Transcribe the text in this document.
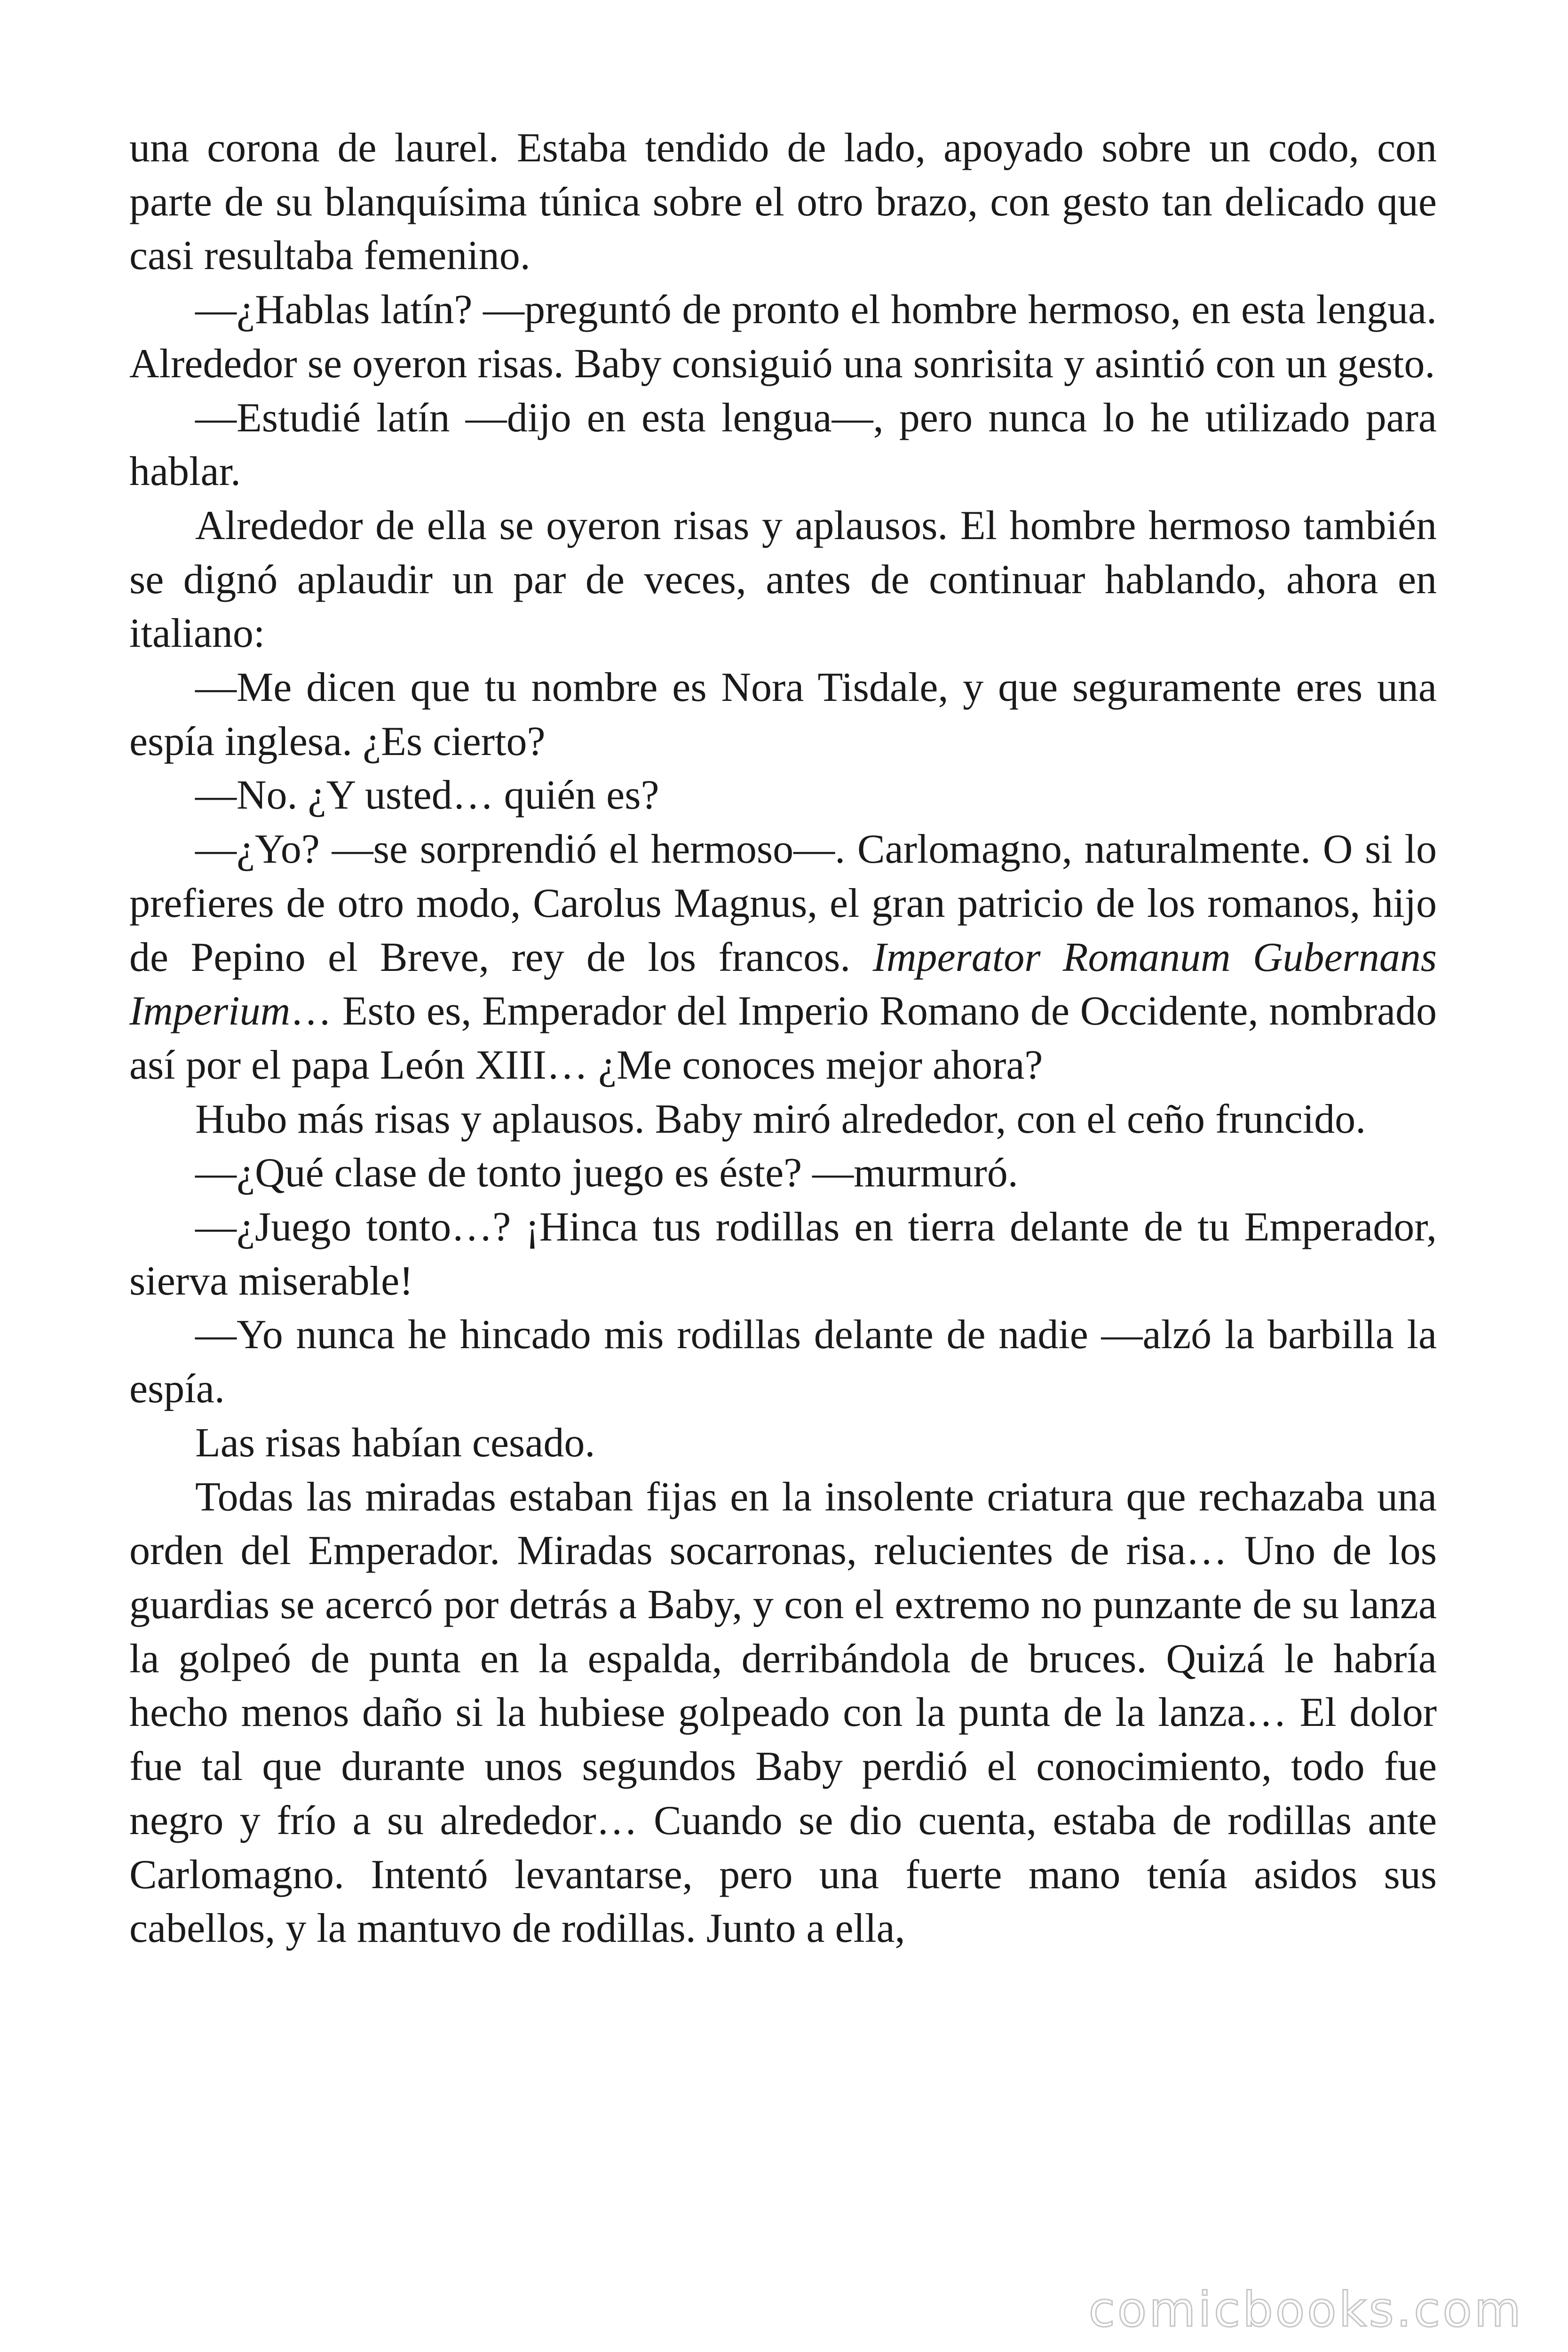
una corona de laurel. Estaba tendido de lado, apoyado sobre un codo, con parte de su blanquísima túnica sobre el otro brazo, con gesto tan delicado que casi resultaba femenino.

—¿Hablas latín? —preguntó de pronto el hombre hermoso, en esta lengua. Alrededor se oyeron risas. Baby consiguió una sonrisita y asintió con un gesto.

—Estudié latín —dijo en esta lengua—, pero nunca lo he utilizado para hablar.

Alrededor de ella se oyeron risas y aplausos. El hombre hermoso también se dignó aplaudir un par de veces, antes de continuar hablando, ahora en italiano:

—Me dicen que tu nombre es Nora Tisdale, y que seguramente eres una espía inglesa. ¿Es cierto?

—No. ¿Y usted… quién es?

—¿Yo? —se sorprendió el hermoso—. Carlomagno, naturalmente. O si lo prefieres de otro modo, Carolus Magnus, el gran patricio de los romanos, hijo de Pepino el Breve, rey de los francos. Imperator Romanum Gubernans Imperium… Esto es, Emperador del Imperio Romano de Occidente, nombrado así por el papa León XIII… ¿Me conoces mejor ahora?

Hubo más risas y aplausos. Baby miró alrededor, con el ceño fruncido.

—¿Qué clase de tonto juego es éste? —murmuró.

—¿Juego tonto…? ¡Hinca tus rodillas en tierra delante de tu Emperador, sierva miserable!

—Yo nunca he hincado mis rodillas delante de nadie —alzó la barbilla la espía.

Las risas habían cesado.

Todas las miradas estaban fijas en la insolente criatura que rechazaba una orden del Emperador. Miradas socarronas, relucientes de risa… Uno de los guardias se acercó por detrás a Baby, y con el extremo no punzante de su lanza la golpeó de punta en la espalda, derribándola de bruces. Quizá le habría hecho menos daño si la hubiese golpeado con la punta de la lanza… El dolor fue tal que durante unos segundos Baby perdió el conocimiento, todo fue negro y frío a su alrededor… Cuando se dio cuenta, estaba de rodillas ante Carlomagno. Intentó levantarse, pero una fuerte mano tenía asidos sus cabellos, y la mantuvo de rodillas. Junto a ella,

comicbooks.com
